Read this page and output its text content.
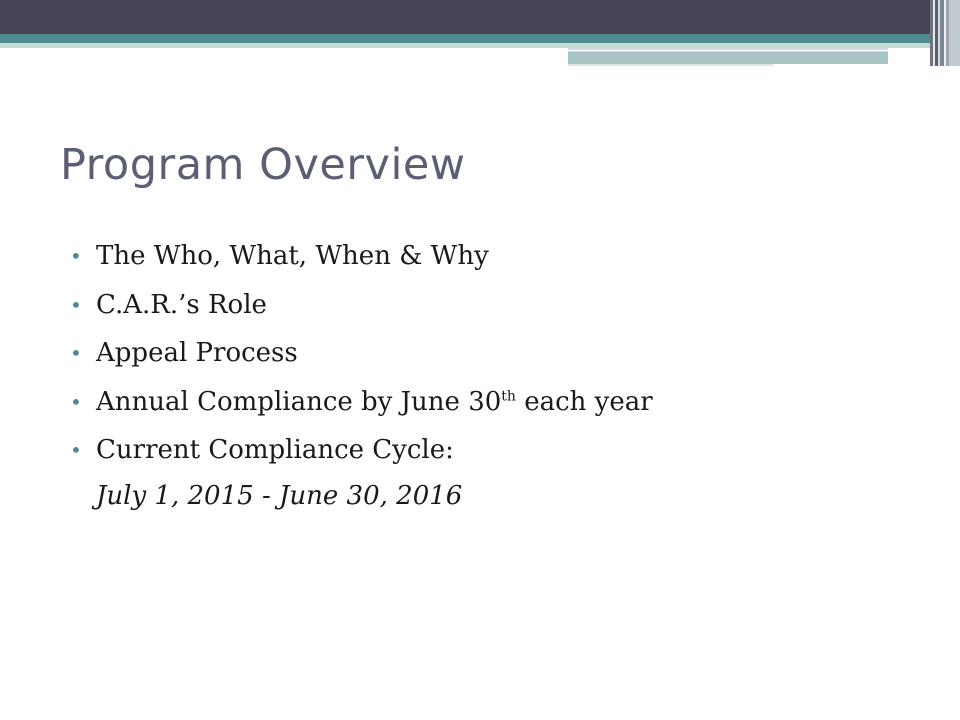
Program Overview
• The Who, What, When & Why
• C.A.R.’s Role
• Appeal Process
• Annual Compliance by June 30th each year
• Current Compliance Cycle:

July 1, 2015 - June 30, 2016
